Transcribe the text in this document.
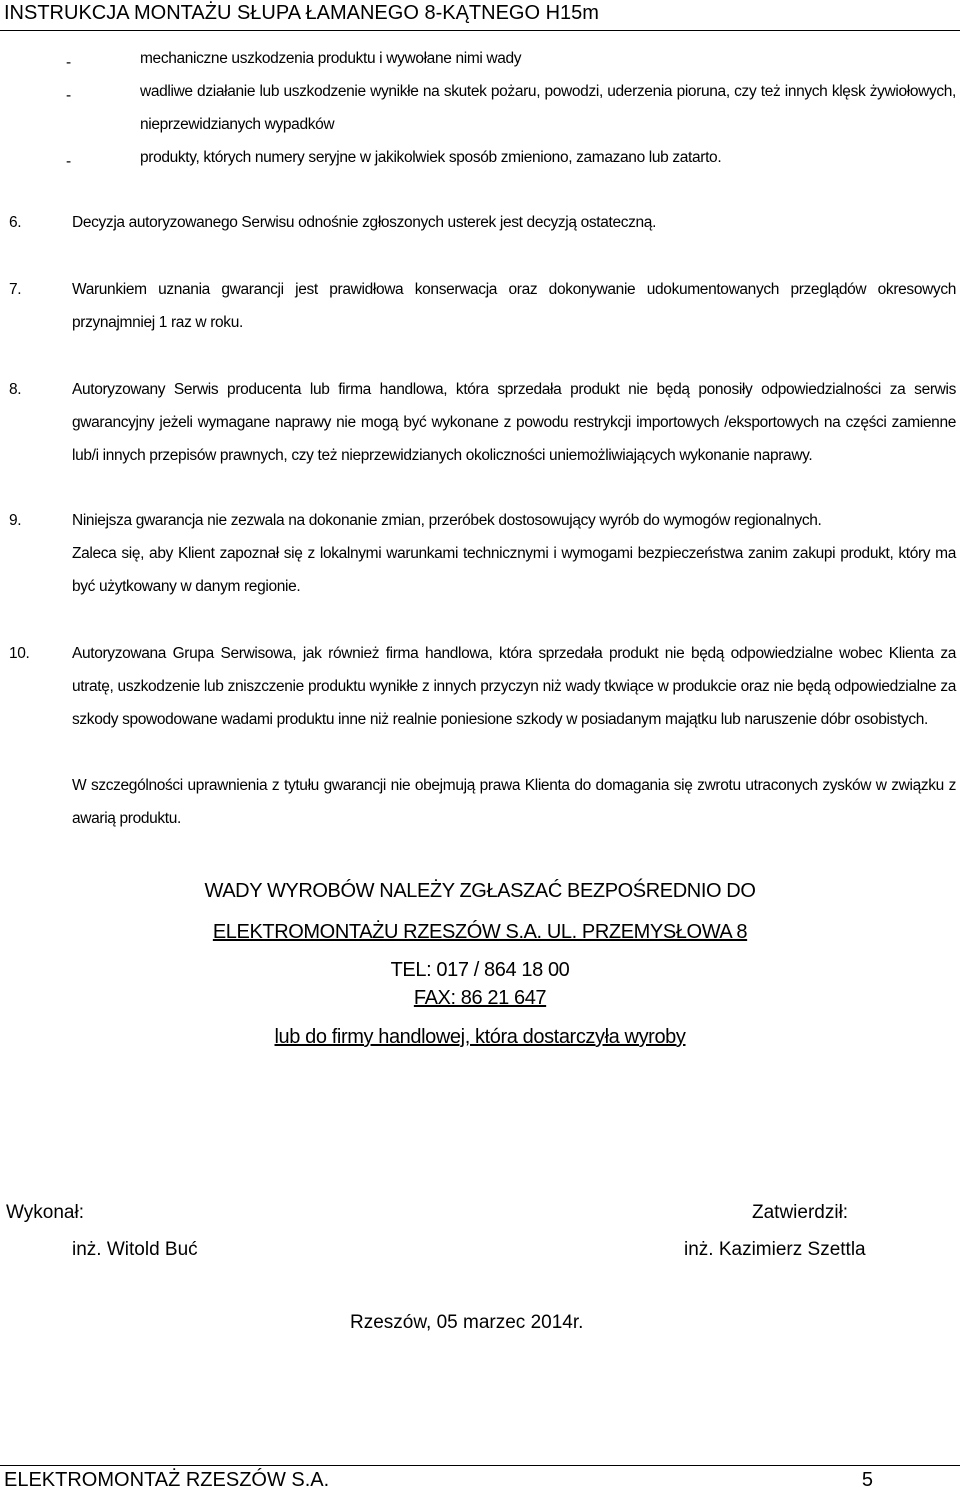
INSTRUKCJA MONTAŻU SŁUPA ŁAMANEGO 8-KĄTNEGO H15m
-	mechaniczne uszkodzenia produktu i wywołane nimi wady
-	wadliwe działanie lub uszkodzenie wynikłe na skutek pożaru, powodzi, uderzenia pioruna, czy też innych klęsk żywiołowych, nieprzewidzianych wypadków
-	produkty, których numery seryjne w jakikolwiek sposób zmieniono, zamazano lub zatarto.
6.	Decyzja autoryzowanego Serwisu odnośnie zgłoszonych usterek jest decyzją ostateczną.
7.	Warunkiem uznania gwarancji jest prawidłowa konserwacja oraz dokonywanie udokumentowanych przeglądów okresowych przynajmniej 1 raz w roku.
8.	Autoryzowany Serwis producenta lub firma handlowa, która sprzedała produkt nie będą ponosiły odpowiedzialności za serwis gwarancyjny jeżeli wymagane naprawy nie mogą być wykonane z powodu restrykcji importowych /eksportowych na części zamienne lub/i innych przepisów prawnych, czy też nieprzewidzianych okoliczności uniemożliwiających wykonanie naprawy.
9.	Niniejsza gwarancja nie zezwala na dokonanie zmian, przeróbek dostosowujący wyrób do wymogów regionalnych.
Zaleca się, aby Klient zapoznał się z lokalnymi warunkami technicznymi i wymogami bezpieczeństwa zanim zakupi produkt, który ma być użytkowany w danym regionie.
10.	Autoryzowana Grupa Serwisowa, jak również firma handlowa, która sprzedała produkt nie będą odpowiedzialne wobec Klienta za utratę, uszkodzenie lub zniszczenie produktu wynikłe z innych przyczyn niż wady tkwiące w produkcie oraz nie będą odpowiedzialne za szkody spowodowane wadami produktu inne niż realnie poniesione szkody w posiadanym majątku lub naruszenie dóbr osobistych.
W szczególności uprawnienia z tytułu gwarancji nie obejmują prawa Klienta do domagania się zwrotu utraconych zysków w związku z awarią produktu.
WADY WYROBÓW NALEŻY ZGŁASZAĆ BEZPOŚREDNIO DO
ELEKTROMONTAŻU RZESZÓW S.A. UL. PRZEMYSŁOWA 8
TEL: 017 / 864 18 00
FAX: 86 21 647
lub do firmy handlowej, która dostarczyła wyroby
Wykonał:
inż. Witold Buć
Zatwierdził:
inż. Kazimierz Szettla
Rzeszów, 05 marzec 2014r.
ELEKTROMONTAŻ RZESZÓW S.A.	5
